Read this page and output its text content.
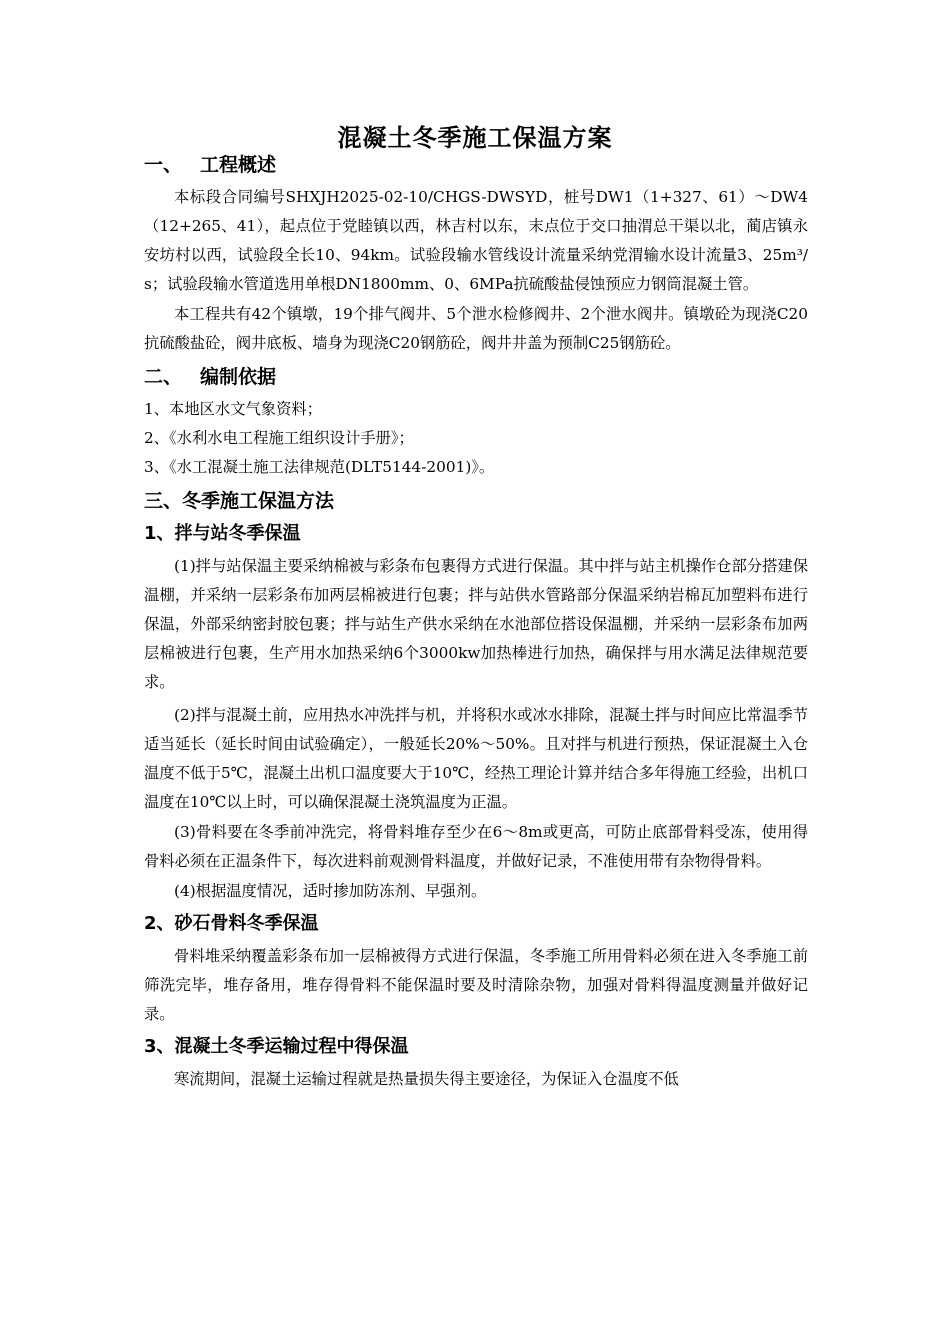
混凝土冬季施工保温方案
一、 工程概述

本标段合同编号SHXJH2025-02-10/CHGS-DWSYD，桩号DW1（1+327、61）～DW4（12+265、41），起点位于党睦镇以西，林吉村以东，末点位于交口抽渭总干渠以北，蔺店镇永安坊村以西，试验段全长10、94km。试验段输水管线设计流量采纳党渭输水设计流量3、25m³/s；试验段输水管道选用单根DN1800mm、0、6MPa抗硫酸盐侵蚀预应力钢筒混凝土管。

本工程共有42个镇墩，19个排气阀井、5个泄水检修阀井、2个泄水阀井。镇墩砼为现浇C20抗硫酸盐砼，阀井底板、墙身为现浇C20钢筋砼，阀井井盖为预制C25钢筋砼。

二、 编制依据
1、本地区水文气象资料；
2、《水利水电工程施工组织设计手册》；
3、《水工混凝土施工法律规范(DLT5144-2001)》。
三、冬季施工保温方法
1、拌与站冬季保温

(1)拌与站保温主要采纳棉被与彩条布包裹得方式进行保温。其中拌与站主机操作仓部分搭建保温棚，并采纳一层彩条布加两层棉被进行包裹；拌与站供水管路部分保温采纳岩棉瓦加塑料布进行保温，外部采纳密封胶包裹；拌与站生产供水采纳在水池部位搭设保温棚，并采纳一层彩条布加两层棉被进行包裹，生产用水加热采纳6个3000kw加热棒进行加热，确保拌与用水满足法律规范要求。

(2)拌与混凝土前，应用热水冲洗拌与机，并将积水或冰水排除，混凝土拌与时间应比常温季节适当延长（延长时间由试验确定），一般延长20%～50%。且对拌与机进行预热，保证混凝土入仓温度不低于5℃，混凝土出机口温度要大于10℃，经热工理论计算并结合多年得施工经验，出机口温度在10℃以上时，可以确保混凝土浇筑温度为正温。

(3)骨料要在冬季前冲洗完，将骨料堆存至少在6～8m或更高，可防止底部骨料受冻，使用得骨料必须在正温条件下，每次进料前观测骨料温度，并做好记录，不准使用带有杂物得骨料。

(4)根据温度情况，适时掺加防冻剂、早强剂。

2、砂石骨料冬季保温

骨料堆采纳覆盖彩条布加一层棉被得方式进行保温，冬季施工所用骨料必须在进入冬季施工前筛洗完毕，堆存备用，堆存得骨料不能保温时要及时清除杂物，加强对骨料得温度测量并做好记录。

3、混凝土冬季运输过程中得保温

寒流期间，混凝土运输过程就是热量损失得主要途径，为保证入仓温度不低
